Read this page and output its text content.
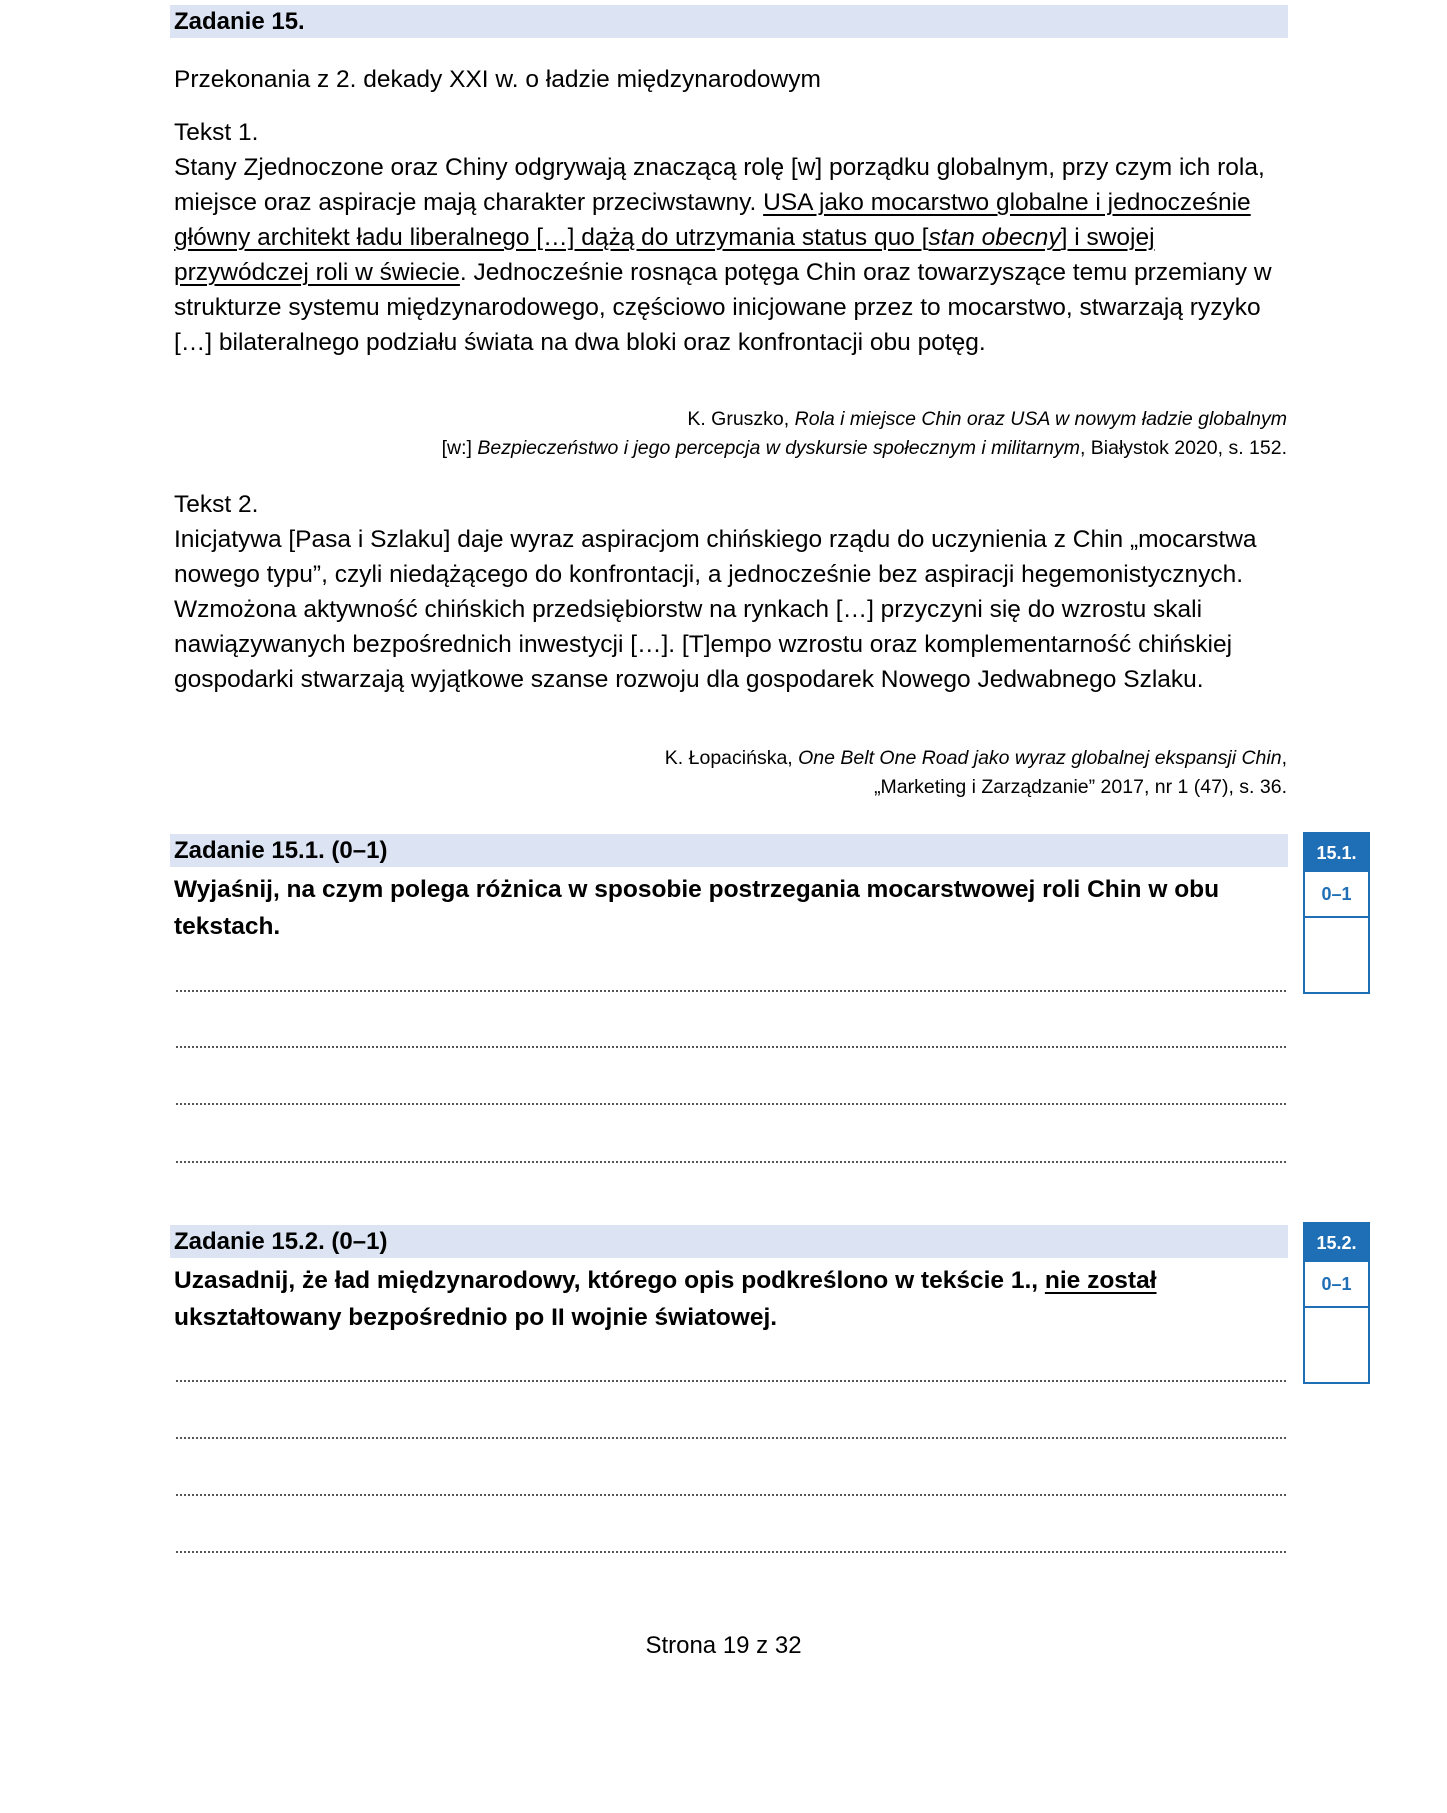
Zadanie 15.

Przekonania z 2. dekady XXI w. o ładzie międzynarodowym

Tekst 1.

Stany Zjednoczone oraz Chiny odgrywają znaczącą rolę [w] porządku globalnym, przy czym ich rola, miejsce oraz aspiracje mają charakter przeciwstawny. USA jako mocarstwo globalne i jednocześnie główny architekt ładu liberalnego […] dążą do utrzymania status quo [stan obecny] i swojej przywódczej roli w świecie. Jednocześnie rosnąca potęga Chin oraz towarzyszące temu przemiany w strukturze systemu międzynarodowego, częściowo inicjowane przez to mocarstwo, stwarzają ryzyko […] bilateralnego podziału świata na dwa bloki oraz konfrontacji obu potęg.

K. Gruszko, Rola i miejsce Chin oraz USA w nowym ładzie globalnym
[w:] Bezpieczeństwo i jego percepcja w dyskursie społecznym i militarnym, Białystok 2020, s. 152.

Tekst 2.

Inicjatywa [Pasa i Szlaku] daje wyraz aspiracjom chińskiego rządu do uczynienia z Chin „mocarstwa nowego typu”, czyli niedążącego do konfrontacji, a jednocześnie bez aspiracji hegemonistycznych. Wzmożona aktywność chińskich przedsiębiorstw na rynkach […] przyczyni się do wzrostu skali nawiązywanych bezpośrednich inwestycji […]. [T]empo wzrostu oraz komplementarność chińskiej gospodarki stwarzają wyjątkowe szanse rozwoju dla gospodarek Nowego Jedwabnego Szlaku.

K. Łopacińska, One Belt One Road jako wyraz globalnej ekspansji Chin,
„Marketing i Zarządzanie” 2017, nr 1 (47), s. 36.
Zadanie 15.1. (0–1)

Wyjaśnij, na czym polega różnica w sposobie postrzegania mocarstwowej roli Chin w obu tekstach.

15.1.
0–1
Zadanie 15.2. (0–1)

Uzasadnij, że ład międzynarodowy, którego opis podkreślono w tekście 1., nie został ukształtowany bezpośrednio po II wojnie światowej.

15.2.
0–1
Strona 19 z 32
